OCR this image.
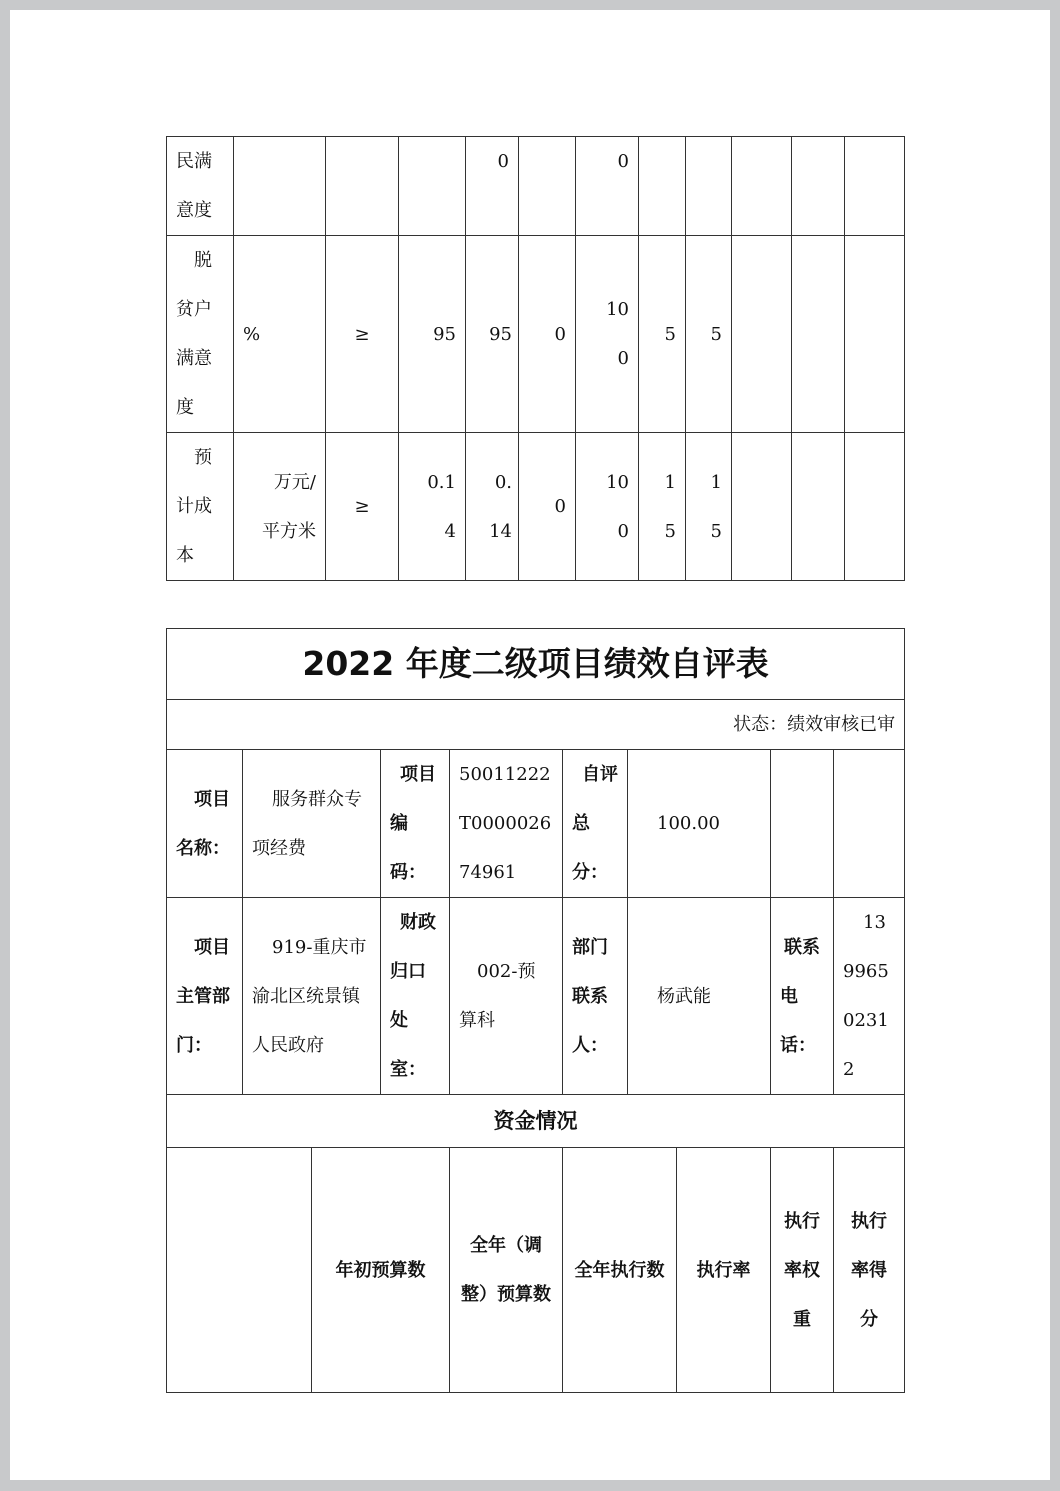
民满意度				0		0					
脱贫户满意度	%	≥	95	95	0	100	5	5			
预计成本	万元/平方米	≥	0.14	0.14	0	100	15	15			
2022 年度二级项目绩效自评表									
状态：绩效审核已审									
项目名称：	服务群众专项经费		项目编码：	50011222T000002674961	自评总分：	100.00			
项目主管部门：	919-重庆市渝北区统景镇人民政府		财政归口处室：	002-预算科	部门联系人：	杨武能		联系电话：	13996502312
资金情况									
		年初预算数		全年（调整）预算数	全年执行数		执行率	执行率权重	执行率得分
